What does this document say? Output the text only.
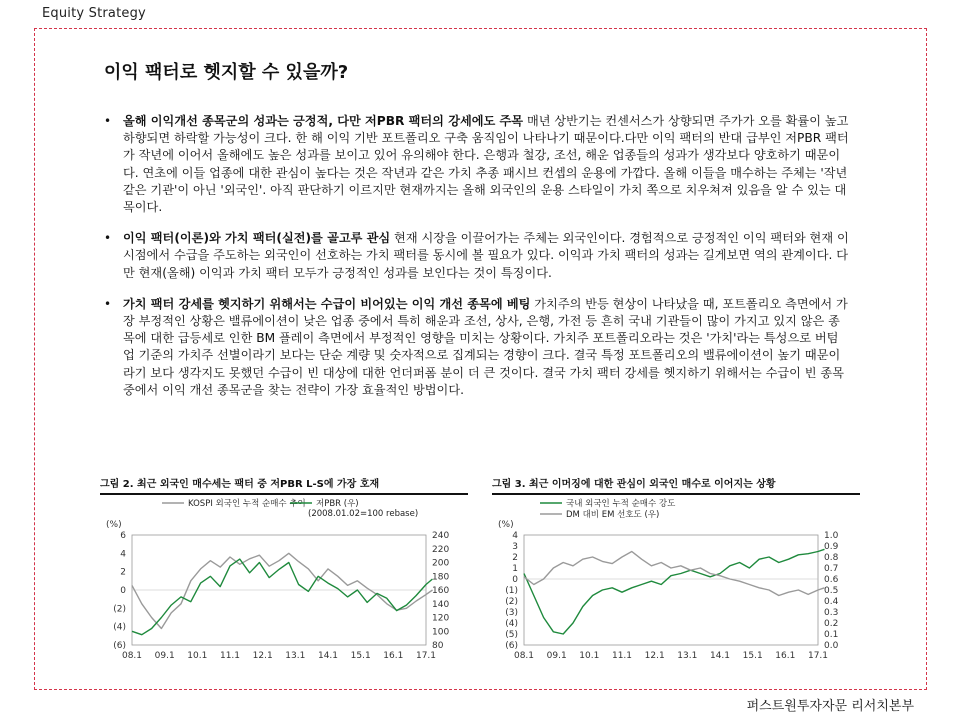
Equity Strategy
이익 팩터로 헷지할 수 있을까?
• 올해 이익개선 종목군의 성과는 긍정적, 다만 저PBR 팩터의 강세에도 주목 매년 상반기는 컨센서스가 상향되면 주가가 오를 확률이 높고 하향되면 하락할 가능성이 크다. 한 해 이익 기반 포트폴리오 구축 움직임이 나타나기 때문이다.다만 이익 팩터의 반대 급부인 저PBR 팩터가 작년에 이어서 올해에도 높은 성과를 보이고 있어 유의해야 한다. 은행과 철강, 조선, 해운 업종들의 성과가 생각보다 양호하기 때문이다. 연초에 이들 업종에 대한 관심이 높다는 것은 작년과 같은 가치 추종 패시브 컨셉의 운용에 가깝다. 올해 이들을 매수하는 주체는 '작년같은 기관'이 아닌 '외국인'. 아직 판단하기 이르지만 현재까지는 올해 외국인의 운용 스타일이 가치 쪽으로 치우쳐져 있음을 알 수 있는 대목이다.
• 이익 팩터(이론)와 가치 팩터(실전)를 골고루 관심 현재 시장을 이끌어가는 주체는 외국인이다. 경험적으로 긍정적인 이익 팩터와 현재 이 시점에서 수급을 주도하는 외국인이 선호하는 가치 팩터를 동시에 볼 필요가 있다. 이익과 가치 팩터의 성과는 길게보면 역의 관계이다. 다만 현재(올해) 이익과 가치 팩터 모두가 긍정적인 성과를 보인다는 것이 특징이다.
• 가치 팩터 강세를 헷지하기 위해서는 수급이 비어있는 이익 개선 종목에 베팅 가치주의 반등 현상이 나타났을 때, 포트폴리오 측면에서 가장 부정적인 상황은 밸류에이션이 낮은 업종 중에서 특히 해운과 조선, 상사, 은행, 가전 등 흔히 국내 기관들이 많이 가지고 있지 않은 종목에 대한 급등세로 인한 BM 플레이 측면에서 부정적인 영향을 미치는 상황이다. 가치주 포트폴리오라는 것은 '가치'라는 특성으로 버텀업 기준의 가치주 선별이라기 보다는 단순 계량 및 숫자적으로 집계되는 경향이 크다. 결국 특정 포트폴리오의 밸류에이션이 높기 때문이라기 보다 생각지도 못했던 수급이 빈 대상에 대한 언더퍼폼 분이 더 큰 것이다. 결국 가치 팩터 강세를 헷지하기 위해서는 수급이 빈 종목 중에서 이익 개선 종목군을 찾는 전략이 가장 효율적인 방법이다.
그림 2. 최근 외국인 매수세는 팩터 중 저PBR L-S에 가장 호재
6
4
2
0
(2)
(4)
(6)
240
220
200
180
160
140
120
100
80
08.1 09.1 10.1 11.1 12.1 13.1 14.1 15.1 16.1 17.1
(%)
KOSPI 외국인 누적 순매수 추이 저PBR (우)
(2008.01.02=100 rebase)
그림 3. 최근 이머징에 대한 관심이 외국인 매수로 이어지는 상황
4
3
2
1
0
(1)
(2)
(3)
(4)
(5)
(6)
1.0
0.9
0.8
0.7
0.6
0.5
0.4
0.3
0.2
0.1
0.0
08.1 09.1 10.1 11.1 12.1 13.1 14.1 15.1 16.1 17.1
(%)
국내 외국인 누적 순매수 강도
DM 대비 EM 선호도 (우)
퍼스트원투자자문 리서치본부
